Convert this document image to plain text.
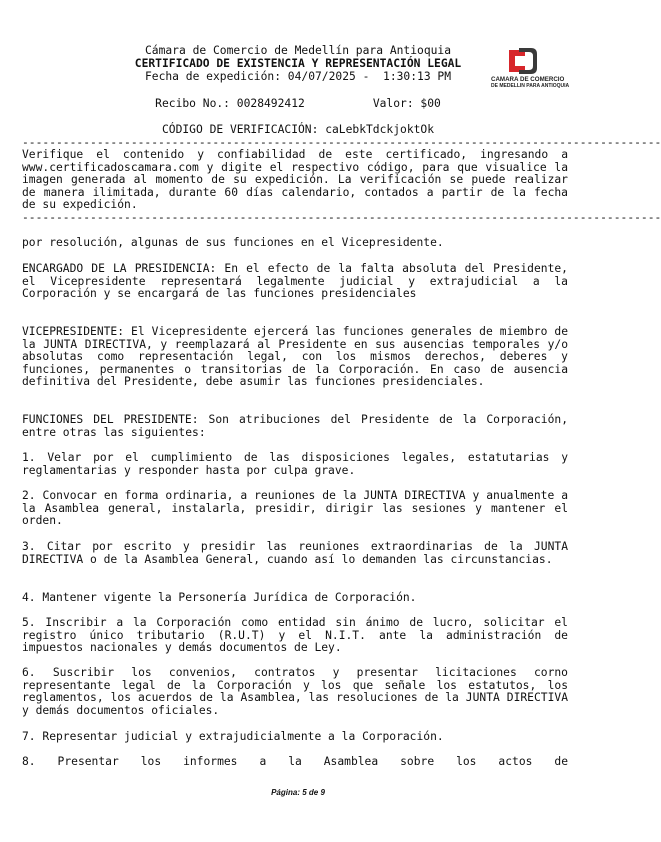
Cámara de Comercio de Medellín para Antioquia
CERTIFICADO DE EXISTENCIA Y REPRESENTACIÓN LEGAL
Fecha de expedición: 04/07/2025 -  1:30:13 PM
Recibo No.: 0028492412          Valor: $00
CÓDIGO DE VERIFICACIÓN: caLebkTdckjoktOk
CAMARA DE COMERCIO
DE MEDELLIN PARA ANTIOQUIA
----------------------------------------------------------------------------------------------
Verifique el contenido y confiabilidad de este certificado, ingresando a www.certificadoscamara.com y digite el respectivo código, para que visualice la imagen generada al momento de su expedición. La verificación se puede realizar de manera ilimitada, durante 60 días calendario, contados a partir de la fecha de su expedición.
----------------------------------------------------------------------------------------------
por resolución, algunas de sus funciones en el Vicepresidente.
ENCARGADO DE LA PRESIDENCIA: En el efecto de la falta absoluta del Presidente, el Vicepresidente representará legalmente judicial y extrajudicial a la Corporación y se encargará de las funciones presidenciales
VICEPRESIDENTE: El Vicepresidente ejercerá las funciones generales de miembro de la JUNTA DIRECTIVA, y reemplazará al Presidente en sus ausencias temporales y/o absolutas como representación legal, con los mismos derechos, deberes y funciones, permanentes o transitorias de la Corporación. En caso de ausencia definitiva del Presidente, debe asumir las funciones presidenciales.
FUNCIONES DEL PRESIDENTE: Son atribuciones del Presidente de la Corporación, entre otras las siguientes:
1. Velar por el cumplimiento de las disposiciones legales, estatutarias y reglamentarias y responder hasta por culpa grave.
2. Convocar en forma ordinaria, a reuniones de la JUNTA DIRECTIVA y anualmente a la Asamblea general, instalarla, presidir, dirigir las sesiones y mantener el orden.
3. Citar por escrito y presidir las reuniones extraordinarias de la JUNTA DIRECTIVA o de la Asamblea General, cuando así lo demanden las circunstancias.
4. Mantener vigente la Personería Jurídica de Corporación.
5. Inscribir a la Corporación como entidad sin ánimo de lucro, solicitar el registro único tributario (R.U.T) y el N.I.T. ante la administración de impuestos nacionales y demás documentos de Ley.
6. Suscribir los convenios, contratos y presentar licitaciones corno representante legal de la Corporación y los que señale los estatutos, los reglamentos, los acuerdos de la Asamblea, las resoluciones de la JUNTA DIRECTIVA y demás documentos oficiales.
7. Representar judicial y extrajudicialmente a la Corporación.
8. Presentar los informes a la Asamblea sobre los actos de
Página: 5 de 9
